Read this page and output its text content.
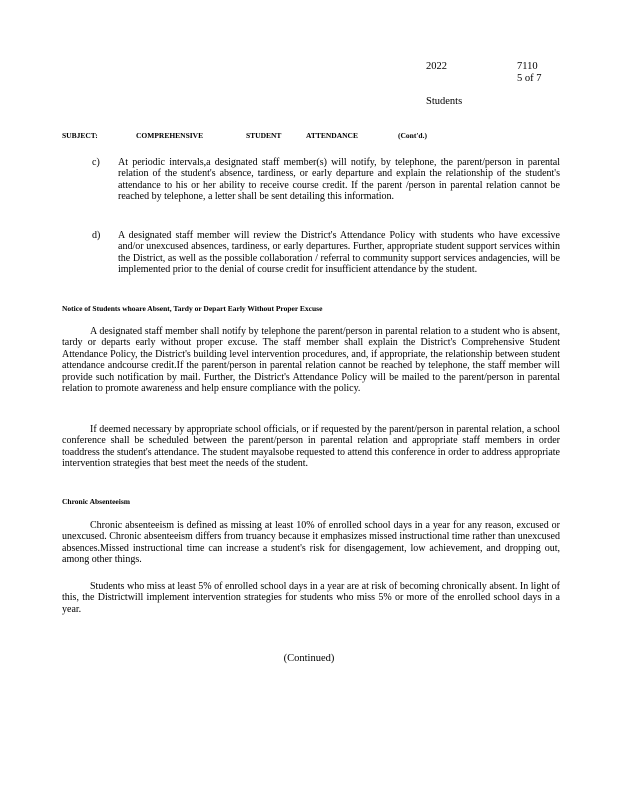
2022	7110
5 of 7
Students
SUBJECT:	COMPREHENSIVE	STUDENT	ATTENDANCE	(Cont'd.)
c) At periodic intervals,a designated staff member(s) will notify, by telephone, the parent/person in parental relation of the student's absence, tardiness, or early departure and explain the relationship of the student's attendance to his or her ability to receive course credit. If the parent /person in parental relation cannot be reached by telephone, a letter shall be sent detailing this information.
d) A designated staff member will review the District's Attendance Policy with students who have excessive and/or unexcused absences, tardiness, or early departures. Further, appropriate student support services within the District, as well as the possible collaboration / referral to community support services andagencies, will be implemented prior to the denial of course credit for insufficient attendance by the student.
Notice of Students whoare Absent, Tardy or Depart Early Without Proper Excuse
A designated staff member shall notify by telephone the parent/person in parental relation to a student who is absent, tardy or departs early without proper excuse. The staff member shall explain the District's Comprehensive Student Attendance Policy, the District's building level intervention procedures, and, if appropriate, the relationship between student attendance andcourse credit.If the parent/person in parental relation cannot be reached by telephone, the staff member will provide such notification by mail. Further, the District's Attendance Policy will be mailed to the parent/person in parental relation to promote awareness and help ensure compliance with the policy.
If deemed necessary by appropriate school officials, or if requested by the parent/person in parental relation, a school conference shall be scheduled between the parent/person in parental relation and appropriate staff members in order toaddress the student's attendance. The student mayalsobe requested to attend this conference in order to address appropriate intervention strategies that best meet the needs of the student.
Chronic Absenteeism
Chronic absenteeism is defined as missing at least 10% of enrolled school days in a year for any reason, excused or unexcused. Chronic absenteeism differs from truancy because it emphasizes missed instructional time rather than unexcused absences.Missed instructional time can increase a student's risk for disengagement, low achievement, and dropping out, among other things.
Students who miss at least 5% of enrolled school days in a year are at risk of becoming chronically absent. In light of this, the Districtwill implement intervention strategies for students who miss 5% or more of the enrolled school days in a year.
(Continued)
